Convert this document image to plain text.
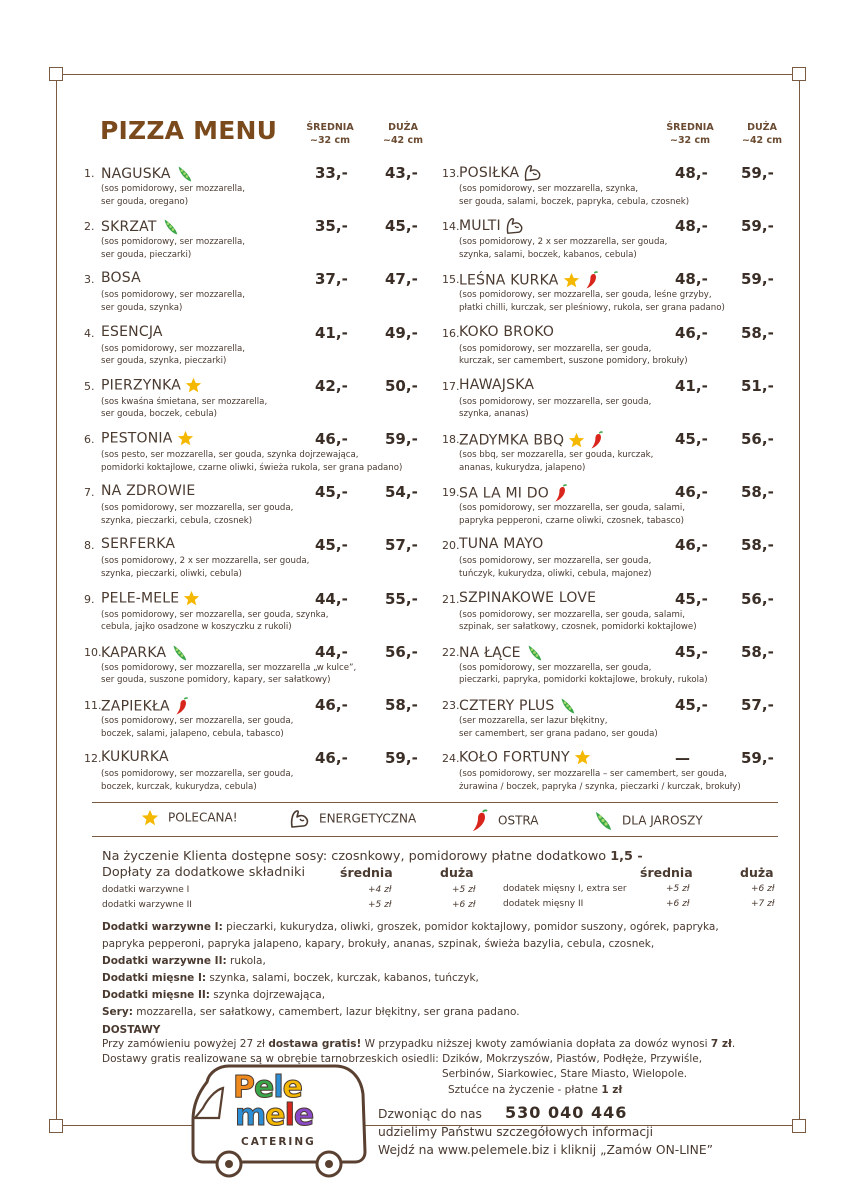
PIZZA MENU	ŚREDNIA
~32 cm
DUŻA
~42 cm
ŚREDNIA
~32 cm
DUŻA
~42 cm
1. NAGUSKA
(sos pomidorowy, ser mozzarella,
ser gouda, oregano)
33,- 43,-
2. SKRZAT
(sos pomidorowy, ser mozzarella,
ser gouda, pieczarki)
35,- 45,-
3. BOSA
(sos pomidorowy, ser mozzarella,
ser gouda, szynka)
37,- 47,-
4. ESENCJA
(sos pomidorowy, ser mozzarella,
ser gouda, szynka, pieczarki)
41,- 49,-
5. PIERZYNKA
(sos kwaśna śmietana, ser mozzarella,
ser gouda, boczek, cebula)
42,- 50,-
6. PESTONIA
(sos pesto, ser mozzarella, ser gouda, szynka dojrzewająca,
pomidorki koktajlowe, czarne oliwki, świeża rukola, ser grana padano)
46,- 59,-
7. NA ZDROWIE
(sos pomidorowy, ser mozzarella, ser gouda,
szynka, pieczarki, cebula, czosnek)
45,- 54,-
8. SERFERKA
(sos pomidorowy, 2 x ser mozzarella, ser gouda,
szynka, pieczarki, oliwki, cebula)
45,- 57,-
9. PELE-MELE
(sos pomidorowy, ser mozzarella, ser gouda, szynka,
cebula, jajko osadzone w koszyczku z rukoli)
44,- 55,-
10. KAPARKA
(sos pomidorowy, ser mozzarella, ser mozzarella „w kulce”,
ser gouda, suszone pomidory, kapary, ser sałatkowy)
44,- 56,-
11. ZAPIEKŁA
(sos pomidorowy, ser mozzarella, ser gouda,
boczek, salami, jalapeno, cebula, tabasco)
46,- 58,-
12. KUKURKA
(sos pomidorowy, ser mozzarella, ser gouda,
boczek, kurczak, kukurydza, cebula)
46,- 59,-
13. POSIŁKA
(sos pomidorowy, ser mozzarella, szynka,
ser gouda, salami, boczek, papryka, cebula, czosnek)
48,- 59,-
14. MULTI
(sos pomidorowy, 2 x ser mozzarella, ser gouda,
szynka, salami, boczek, kabanos, cebula)
48,- 59,-
15. LEŚNA KURKA
(sos pomidorowy, ser mozzarella, ser gouda, leśne grzyby,
płatki chilli, kurczak, ser pleśniowy, rukola, ser grana padano)
48,- 59,-
16. KOKO BROKO
(sos pomidorowy, ser mozzarella, ser gouda,
kurczak, ser camembert, suszone pomidory, brokuły)
46,- 58,-
17. HAWAJSKA
(sos pomidorowy, ser mozzarella, ser gouda,
szynka, ananas)
41,- 51,-
18. ZADYMKA BBQ
(sos bbq, ser mozzarella, ser gouda, kurczak,
ananas, kukurydza, jalapeno)
45,- 56,-
19. SA LA MI DO
(sos pomidorowy, ser mozzarella, ser gouda, salami,
papryka pepperoni, czarne oliwki, czosnek, tabasco)
46,- 58,-
20. TUNA MAYO
(sos pomidorowy, ser mozzarella, ser gouda,
tuńczyk, kukurydza, oliwki, cebula, majonez)
46,- 58,-
21. SZPINAKOWE LOVE
(sos pomidorowy, ser mozzarella, ser gouda, salami,
szpinak, ser sałatkowy, czosnek, pomidorki koktajlowe)
45,- 56,-
22. NA ŁĄCE
(sos pomidorowy, ser mozzarella, ser gouda,
pieczarki, papryka, pomidorki koktajlowe, brokuły, rukola)
45,- 58,-
23. CZTERY PLUS
(ser mozzarella, ser lazur błękitny,
ser camembert, ser grana padano, ser gouda)
45,- 57,-
24. KOŁO FORTUNY
(sos pomidorowy, ser mozzarella – ser camembert, ser gouda,
żurawina / boczek, papryka / szynka, pieczarki / kurczak, brokuły)
—	59,-
POLECANA!	ENERGETYCZNA	OSTRA	DLA JAROSZY
Na życzenie Klienta dostępne sosy: czosnkowy, pomidorowy płatne dodatkowo 1,5 -
Dopłaty za dodatkowe składniki	średnia	duża	średnia	duża
dodatki warzywne I	+4 zł	+5 zł
dodatki warzywne II	+5 zł	+6 zł
dodatek mięsny I, extra ser	+5 zł	+6 zł
dodatek mięsny II	+6 zł	+7 zł
Dodatki warzywne I: pieczarki, kukurydza, oliwki, groszek, pomidor koktajlowy, pomidor suszony, ogórek, papryka,
papryka pepperoni, papryka jalapeno, kapary, brokuły, ananas, szpinak, świeża bazylia, cebula, czosnek,
Dodatki warzywne II: rukola,
Dodatki mięsne I: szynka, salami, boczek, kurczak, kabanos, tuńczyk,
Dodatki mięsne II: szynka dojrzewająca,
Sery: mozzarella, ser sałatkowy, camembert, lazur błękitny, ser grana padano.
DOSTAWY
Przy zamówieniu powyżej 27 zł dostawa gratis! W przypadku niższej kwoty zamówiania dopłata za dowóz wynosi 7 zł.
Dostawy gratis realizowane są w obrębie tarnobrzeskich osiedli: Dzików, Mokrzyszów, Piastów, Podłęże, Przywiśle,
Serbinów, Siarkowiec, Stare Miasto, Wielopole.
Sztućce na życzenie - płatne 1 zł
Pele
mele
CATERING
Dzwoniąc do nas 530 040 446
udzielimy Państwu szczegółowych informacji
Wejdź na www.pelemele.biz i kliknij „Zamów ON-LINE”
